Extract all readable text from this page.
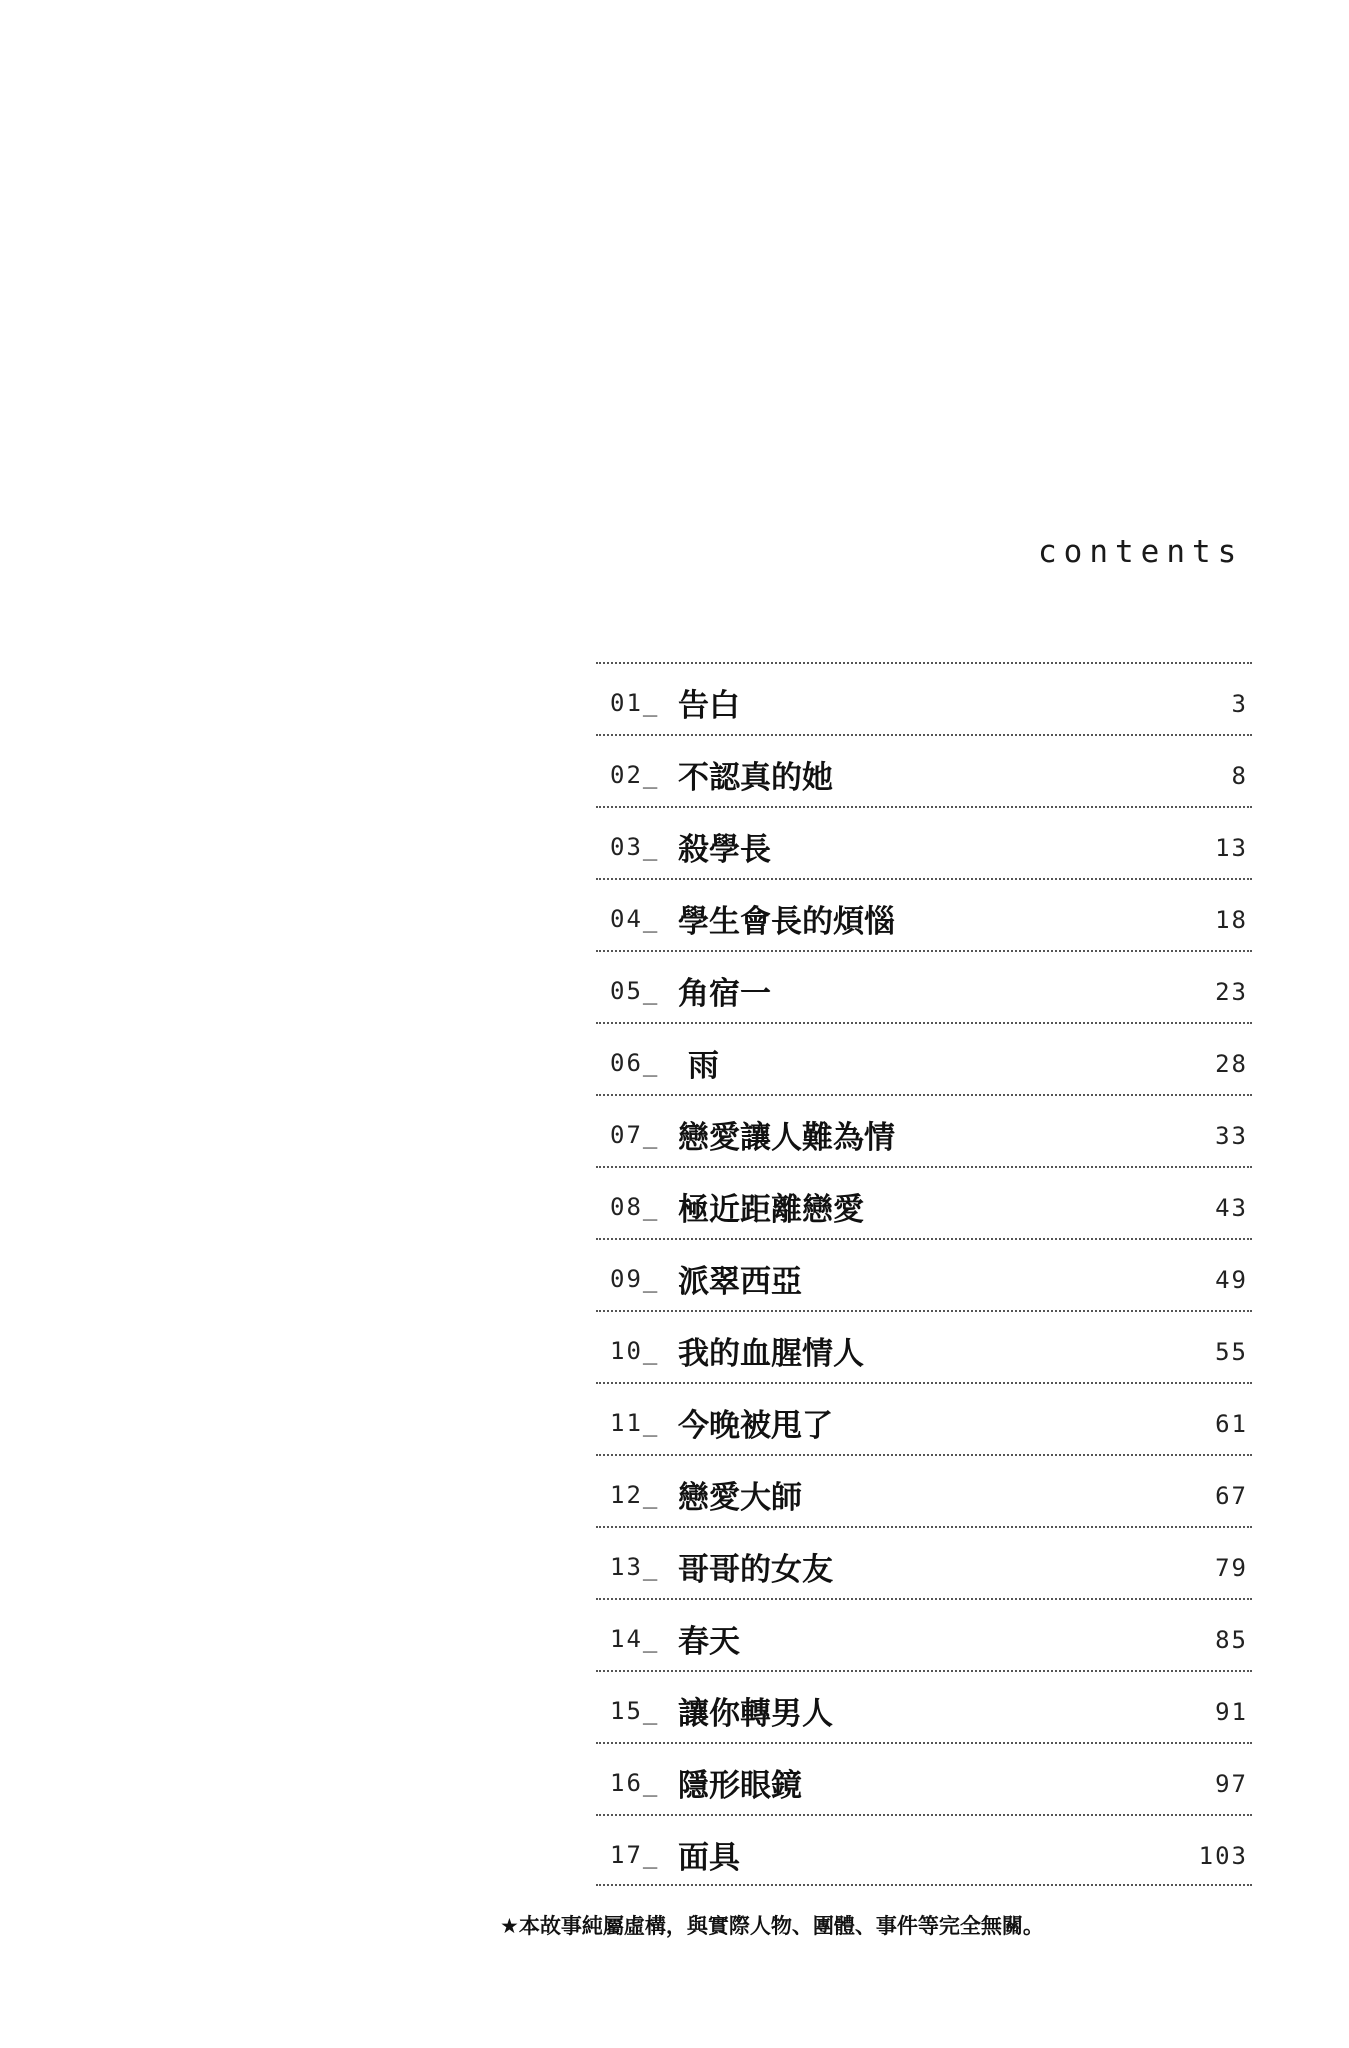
contents
01_ 告白	3
02_ 不認真的她	8
03_ 殺學長	13
04_ 學生會長的煩惱	18
05_ 角宿一	23
06_ 雨	28
07_ 戀愛讓人難為情	33
08_ 極近距離戀愛	43
09_ 派翠西亞	49
10_ 我的血腥情人	55
11_ 今晚被甩了	61
12_ 戀愛大師	67
13_ 哥哥的女友	79
14_ 春天	85
15_ 讓你轉男人	91
16_ 隱形眼鏡	97
17_ 面具	103
★本故事純屬虛構，與實際人物、團體、事件等完全無關。
